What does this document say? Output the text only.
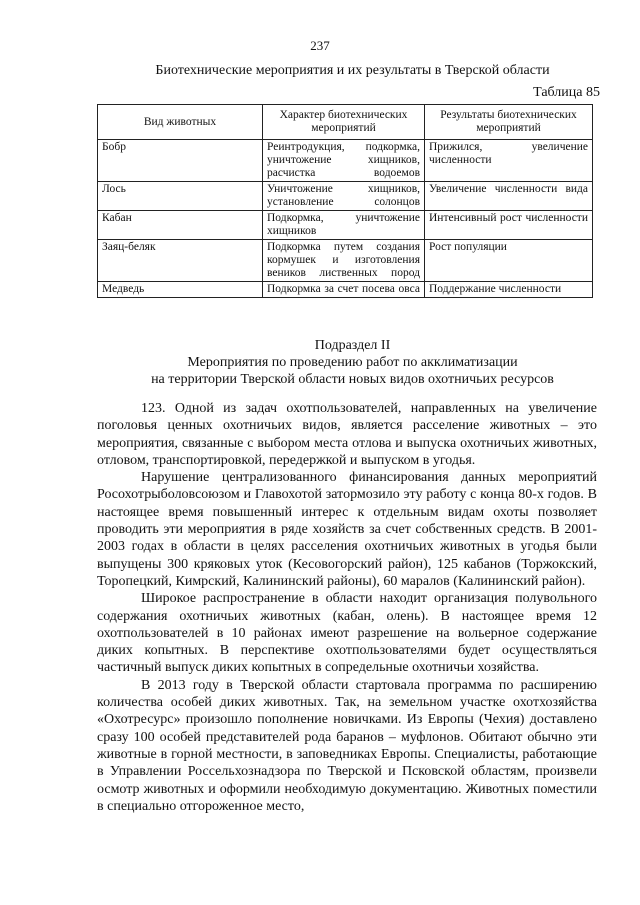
237
Биотехнические мероприятия и их результаты в Тверской области
Таблица 85
Вид животных	Характер биотехнических мероприятий	Результаты биотехнических мероприятий
Бобр	Реинтродукция, подкормка, уничтожение хищников, расчистка водоемов	Прижился, увеличение численности
Лось	Уничтожение хищников, установление солонцов	Увеличение численности вида
Кабан	Подкормка, уничтожение хищников	Интенсивный рост численности
Заяц-беляк	Подкормка путем создания кормушек и изготовления веников лиственных пород	Рост популяции
Медведь	Подкормка за счет посева овса	Поддержание численности
Подраздел II
Мероприятия по проведению работ по акклиматизации
на территории Тверской области новых видов охотничьих ресурсов

123. Одной из задач охотпользователей, направленных на увеличение поголовья ценных охотничьих видов, является расселение животных – это мероприятия, связанные с выбором места отлова и выпуска охотничьих животных, отловом, транспортировкой, передержкой и выпуском в угодья.

Нарушение централизованного финансирования данных мероприятий Росохотрыболовсоюзом и Главохотой затормозило эту работу с конца 80-х годов. В настоящее время повышенный интерес к отдельным видам охоты позволяет проводить эти мероприятия в ряде хозяйств за счет собственных средств. В 2001-2003 годах в области в целях расселения охотничьих животных в угодья были выпущены 300 кряковых уток (Кесовогорский район), 125 кабанов (Торжокский, Торопецкий, Кимрский, Калининский районы), 60 маралов (Калининский район).

Широкое распространение в области находит организация полувольного содержания охотничьих животных (кабан, олень). В настоящее время 12 охотпользователей в 10 районах имеют разрешение на вольерное содержание диких копытных. В перспективе охотпользователями будет осуществляться частичный выпуск диких копытных в сопредельные охотничьи хозяйства.

В 2013 году в Тверской области стартовала программа по расширению количества особей диких животных. Так, на земельном участке охотхозяйства «Охотресурс» произошло пополнение новичками. Из Европы (Чехия) доставлено сразу 100 особей представителей рода баранов – муфлонов. Обитают обычно эти животные в горной местности, в заповедниках Европы. Специалисты, работающие в Управлении Россельхознадзора по Тверской и Псковской областям, произвели осмотр животных и оформили необходимую документацию. Животных поместили в специально отгороженное место,
